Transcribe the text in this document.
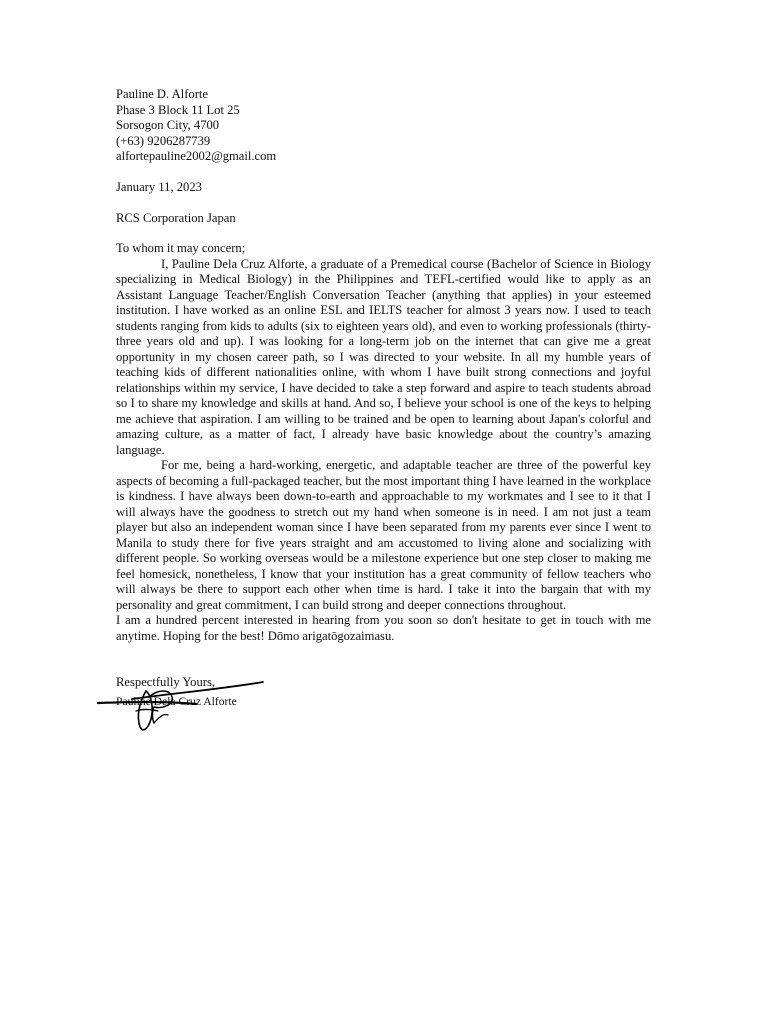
Pauline D. Alforte
Phase 3 Block 11 Lot 25
Sorsogon City, 4700
(+63) 9206287739
alfortepauline2002@gmail.com
January 11, 2023
RCS Corporation Japan
To whom it may concern;

I, Pauline Dela Cruz Alforte, a graduate of a Premedical course (Bachelor of Science in Biology specializing in Medical Biology) in the Philippines and TEFL-certified would like to apply as an Assistant Language Teacher/English Conversation Teacher (anything that applies) in your esteemed institution. I have worked as an online ESL and IELTS teacher for almost 3 years now. I used to teach students ranging from kids to adults (six to eighteen years old), and even to working professionals (thirty-three years old and up). I was looking for a long-term job on the internet that can give me a great opportunity in my chosen career path, so I was directed to your website. In all my humble years of teaching kids of different nationalities online, with whom I have built strong connections and joyful relationships within my service, I have decided to take a step forward and aspire to teach students abroad so I to share my knowledge and skills at hand. And so, I believe your school is one of the keys to helping me achieve that aspiration. I am willing to be trained and be open to learning about Japan's colorful and amazing culture, as a matter of fact, I already have basic knowledge about the country’s amazing language.

For me, being a hard-working, energetic, and adaptable teacher are three of the powerful key aspects of becoming a full-packaged teacher, but the most important thing I have learned in the workplace is kindness. I have always been down-to-earth and approachable to my workmates and I see to it that I will always have the goodness to stretch out my hand when someone is in need. I am not just a team player but also an independent woman since I have been separated from my parents ever since I went to Manila to study there for five years straight and am accustomed to living alone and socializing with different people. So working overseas would be a milestone experience but one step closer to making me feel homesick, nonetheless, I know that your institution has a great community of fellow teachers who will always be there to support each other when time is hard. I take it into the bargain that with my personality and great commitment, I can build strong and deeper connections throughout.

I am a hundred percent interested in hearing from you soon so don't hesitate to get in touch with me anytime. Hoping for the best! Dōmo arigatōgozaimasu.

Respectfully Yours,
Pauline Dela Cruz Alforte
